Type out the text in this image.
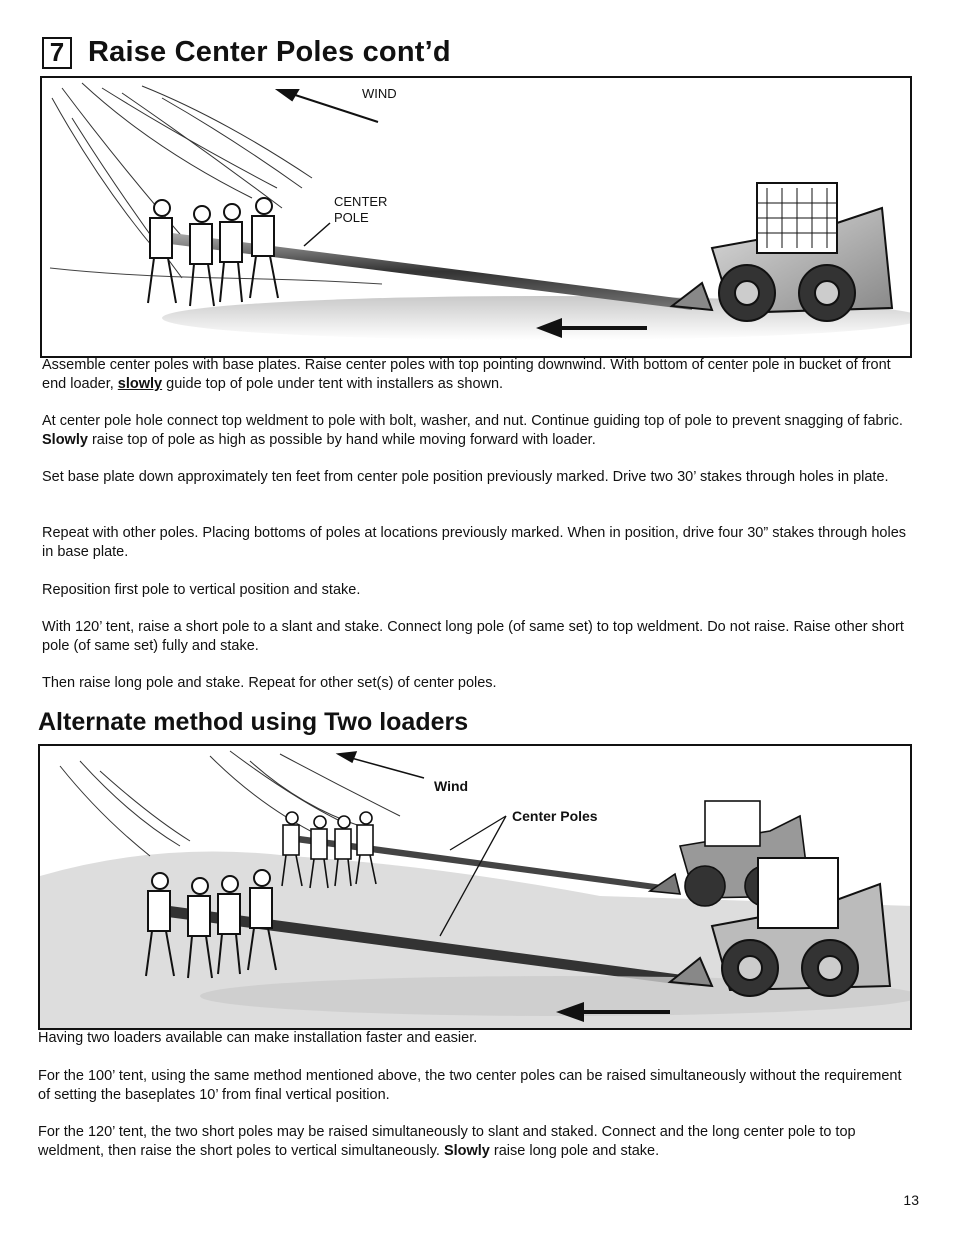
7 Raise Center Poles cont’d
WIND
CENTER
POLE
Assemble center poles with base plates. Raise center poles with top pointing downwind. With bottom of center pole in bucket of front end loader, slowly guide top of pole under tent with installers as shown.
At center pole hole connect top weldment to pole with bolt, washer, and nut. Continue guiding top of pole to prevent snagging of fabric. Slowly raise top of pole as high as possible by hand while moving forward with loader.
Set base plate down approximately ten feet from center pole position previously marked. Drive two 30’ stakes through holes in plate.
Repeat with other poles. Placing bottoms of poles at locations previously marked. When in position, drive four 30” stakes through holes in base plate.
Reposition first pole to vertical position and stake.
With 120’ tent, raise a short pole to a slant and stake. Connect long pole (of same set) to top weldment. Do not raise. Raise other short pole (of same set) fully and stake.
Then raise long pole and stake. Repeat for other set(s) of center poles.
Alternate method using Two loaders
Wind
Center Poles
Having two loaders available can make installation faster and easier.
For the 100’ tent, using the same method mentioned above, the two center poles can be raised simultaneously without the requirement of setting the baseplates 10’ from final vertical position.
For the 120’ tent, the two short poles may be raised simultaneously to slant and staked. Connect and the long center pole to top weldment, then raise the short poles to vertical simultaneously. Slowly raise long pole and stake.
13
